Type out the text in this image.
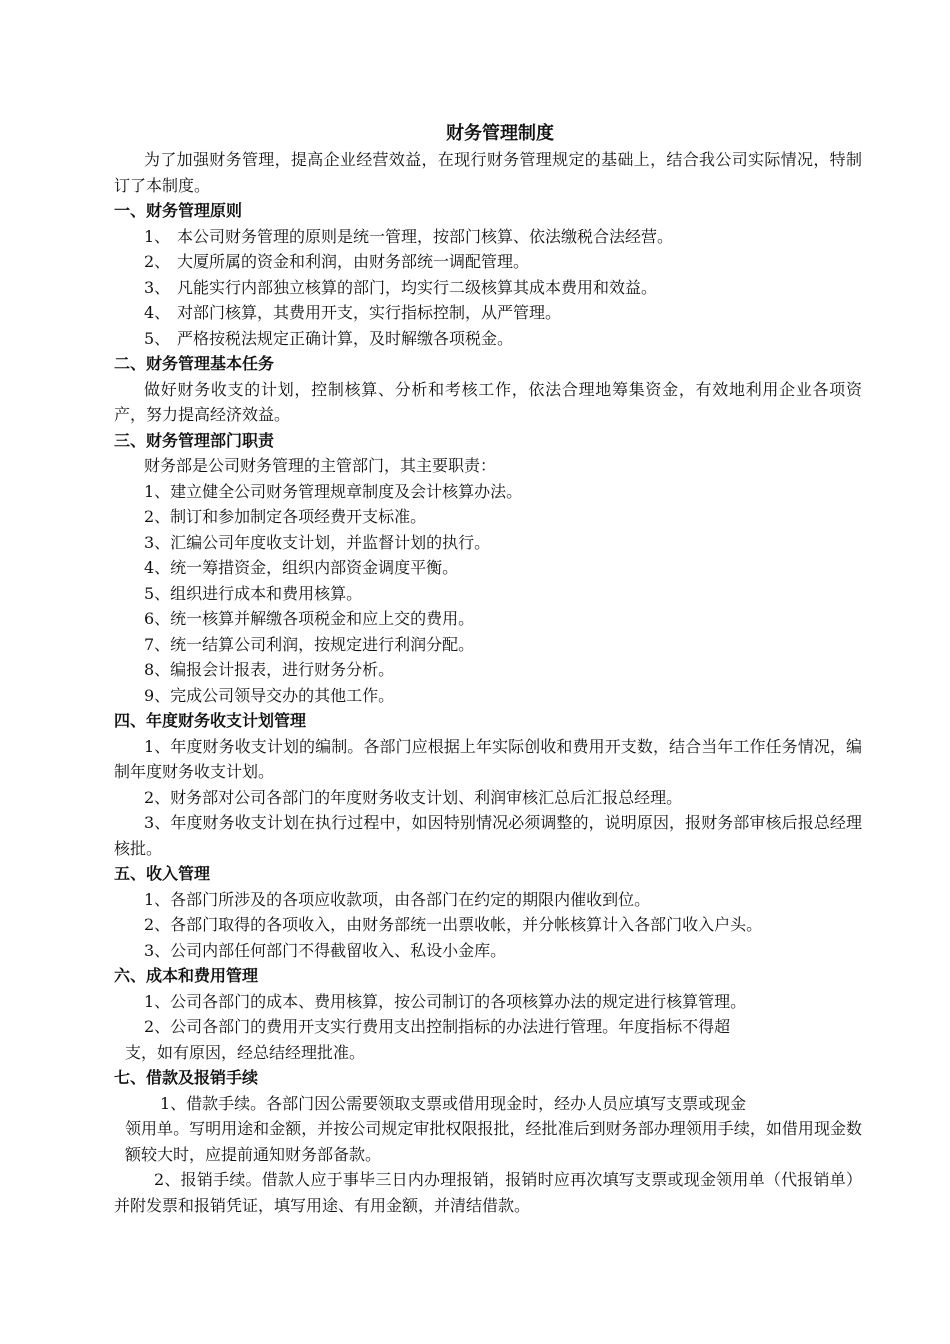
财务管理制度

为了加强财务管理，提高企业经营效益，在现行财务管理规定的基础上，结合我公司实际情况，特制订了本制度。

一、财务管理原则
1、 本公司财务管理的原则是统一管理，按部门核算、依法缴税合法经营。
2、 大厦所属的资金和利润，由财务部统一调配管理。
3、 凡能实行内部独立核算的部门，均实行二级核算其成本费用和效益。
4、 对部门核算，其费用开支，实行指标控制，从严管理。
5、 严格按税法规定正确计算，及时解缴各项税金。
二、财务管理基本任务

做好财务收支的计划，控制核算、分析和考核工作，依法合理地筹集资金，有效地利用企业各项资产，努力提高经济效益。

三、财务管理部门职责
财务部是公司财务管理的主管部门，其主要职责：
1、建立健全公司财务管理规章制度及会计核算办法。
2、制订和参加制定各项经费开支标准。
3、汇编公司年度收支计划，并监督计划的执行。
4、统一筹措资金，组织内部资金调度平衡。
5、组织进行成本和费用核算。
6、统一核算并解缴各项税金和应上交的费用。
7、统一结算公司利润，按规定进行利润分配。
8、编报会计报表，进行财务分析。
9、完成公司领导交办的其他工作。
四、年度财务收支计划管理

1、年度财务收支计划的编制。各部门应根据上年实际创收和费用开支数，结合当年工作任务情况，编制年度财务收支计划。

2、财务部对公司各部门的年度财务收支计划、利润审核汇总后汇报总经理。

3、年度财务收支计划在执行过程中，如因特别情况必须调整的，说明原因，报财务部审核后报总经理核批。

五、收入管理

1、各部门所涉及的各项应收款项，由各部门在约定的期限内催收到位。

2、各部门取得的各项收入，由财务部统一出票收帐，并分帐核算计入各部门收入户头。

3、公司内部任何部门不得截留收入、私设小金库。

六、成本和费用管理
1、公司各部门的成本、费用核算，按公司制订的各项核算办法的规定进行核算管理。
2、公司各部门的费用开支实行费用支出控制指标的办法进行管理。年度指标不得超
支，如有原因，经总结经理批准。
七、借款及报销手续
1、借款手续。各部门因公需要领取支票或借用现金时，经办人员应填写支票或现金

领用单。写明用途和金额，并按公司规定审批权限报批，经批准后到财务部办理领用手续，如借用现金数额较大时，应提前通知财务部备款。

2、报销手续。借款人应于事毕三日内办理报销，报销时应再次填写支票或现金领用单（代报销单）并附发票和报销凭证，填写用途、有用金额，并清结借款。
